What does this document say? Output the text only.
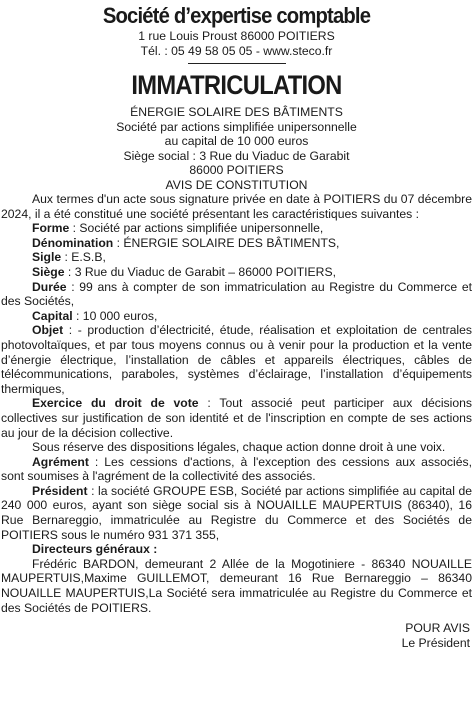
Société d’expertise comptable
1 rue Louis Proust 86000 POITIERS
Tél. : 05 49 58 05 05 - www.steco.fr
IMMATRICULATION
ÉNERGIE SOLAIRE DES BÂTIMENTS
Société par actions simplifiée unipersonnelle
au capital de 10 000 euros
Siège social : 3 Rue du Viaduc de Garabit
86000 POITIERS
AVIS DE CONSTITUTION

Aux termes d'un acte sous signature privée en date à POITIERS du 07 décembre 2024, il a été constitué une société présentant les caractéristiques suivantes :

Forme : Société par actions simplifiée unipersonnelle,

Dénomination : ÉNERGIE SOLAIRE DES BÂTIMENTS,

Sigle : E.S.B,

Siège : 3 Rue du Viaduc de Garabit – 86000 POITIERS,

Durée : 99 ans à compter de son immatriculation au Registre du Commerce et des Sociétés,

Capital : 10 000 euros,

Objet : - production d’électricité, étude, réalisation et exploitation de centrales photovoltaïques, et par tous moyens connus ou à venir pour la production et la vente d’énergie électrique, l’installation de câbles et appareils électriques, câbles de télécommunications, paraboles, systèmes d’éclairage, l’installation d’équipements thermiques,

Exercice du droit de vote : Tout associé peut participer aux décisions collectives sur justification de son identité et de l'inscription en compte de ses actions au jour de la décision collective.

Sous réserve des dispositions légales, chaque action donne droit à une voix.

Agrément : Les cessions d'actions, à l'exception des cessions aux associés, sont soumises à l'agrément de la collectivité des associés.

Président : la société GROUPE ESB, Société par actions simplifiée au capital de 240 000 euros, ayant son siège social sis à NOUAILLE MAUPERTUIS (86340), 16 Rue Bernareggio, immatriculée au Registre du Commerce et des Sociétés de POITIERS sous le numéro 931 371 355,

Directeurs généraux :

Frédéric BARDON, demeurant 2 Allée de la Mogotiniere - 86340 NOUAILLE MAUPERTUIS,Maxime GUILLEMOT, demeurant 16 Rue Bernareggio – 86340 NOUAILLE MAUPERTUIS,La Société sera immatriculée au Registre du Commerce et des Sociétés de POITIERS.

POUR AVIS
Le Président
